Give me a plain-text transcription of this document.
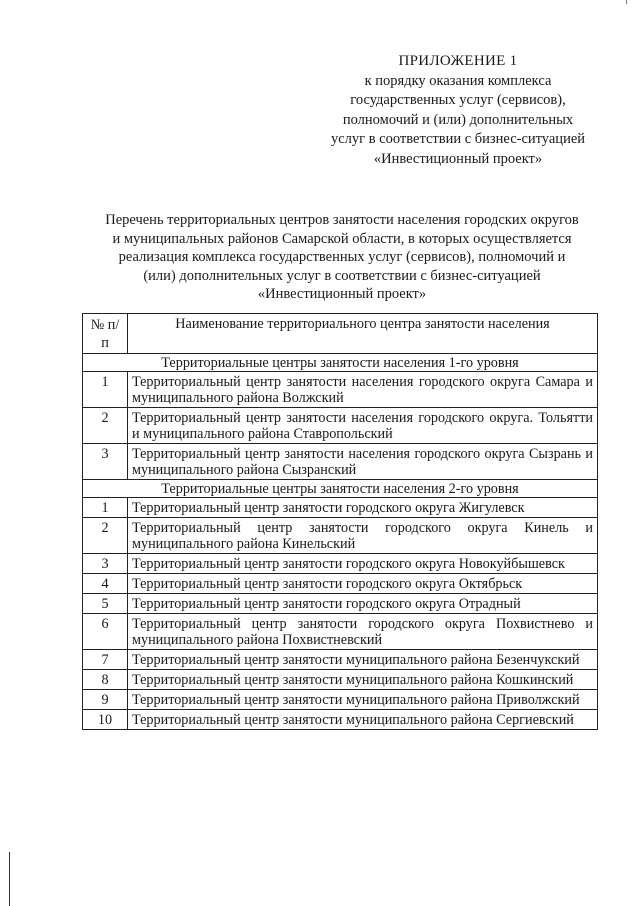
ПРИЛОЖЕНИЕ 1
к порядку оказания комплекса
государственных услуг (сервисов),
полномочий и (или) дополнительных
услуг в соответствии с бизнес-ситуацией
«Инвестиционный проект»
Перечень территориальных центров занятости населения городских округов
и муниципальных районов Самарской области, в которых осуществляется
реализация комплекса государственных услуг (сервисов), полномочий и
(или) дополнительных услуг в соответствии с бизнес-ситуацией
«Инвестиционный проект»
№ п/п	Наименование территориального центра занятости населения
Территориальные центры занятости населения 1-го уровня	
1	Территориальный центр занятости населения городского округа Самара и муниципального района Волжский
2	Территориальный центр занятости населения городского округа. Тольятти и муниципального района Ставропольский
3	Территориальный центр занятости населения городского округа Сызрань и муниципального района Сызранский
Территориальные центры занятости населения 2-го уровня	
1	Территориальный центр занятости городского округа Жигулевск
2	Территориальный центр занятости городского округа Кинель и муниципального района Кинельский
3	Территориальный центр занятости городского округа Новокуйбышевск
4	Территориальный центр занятости городского округа Октябрьск
5	Территориальный центр занятости городского округа Отрадный
6	Территориальный центр занятости городского округа Похвистнево и муниципального района Похвистневский
7	Территориальный центр занятости муниципального района Безенчукский
8	Территориальный центр занятости муниципального района Кошкинский
9	Территориальный центр занятости муниципального района Приволжский
10	Территориальный центр занятости муниципального района Сергиевский
